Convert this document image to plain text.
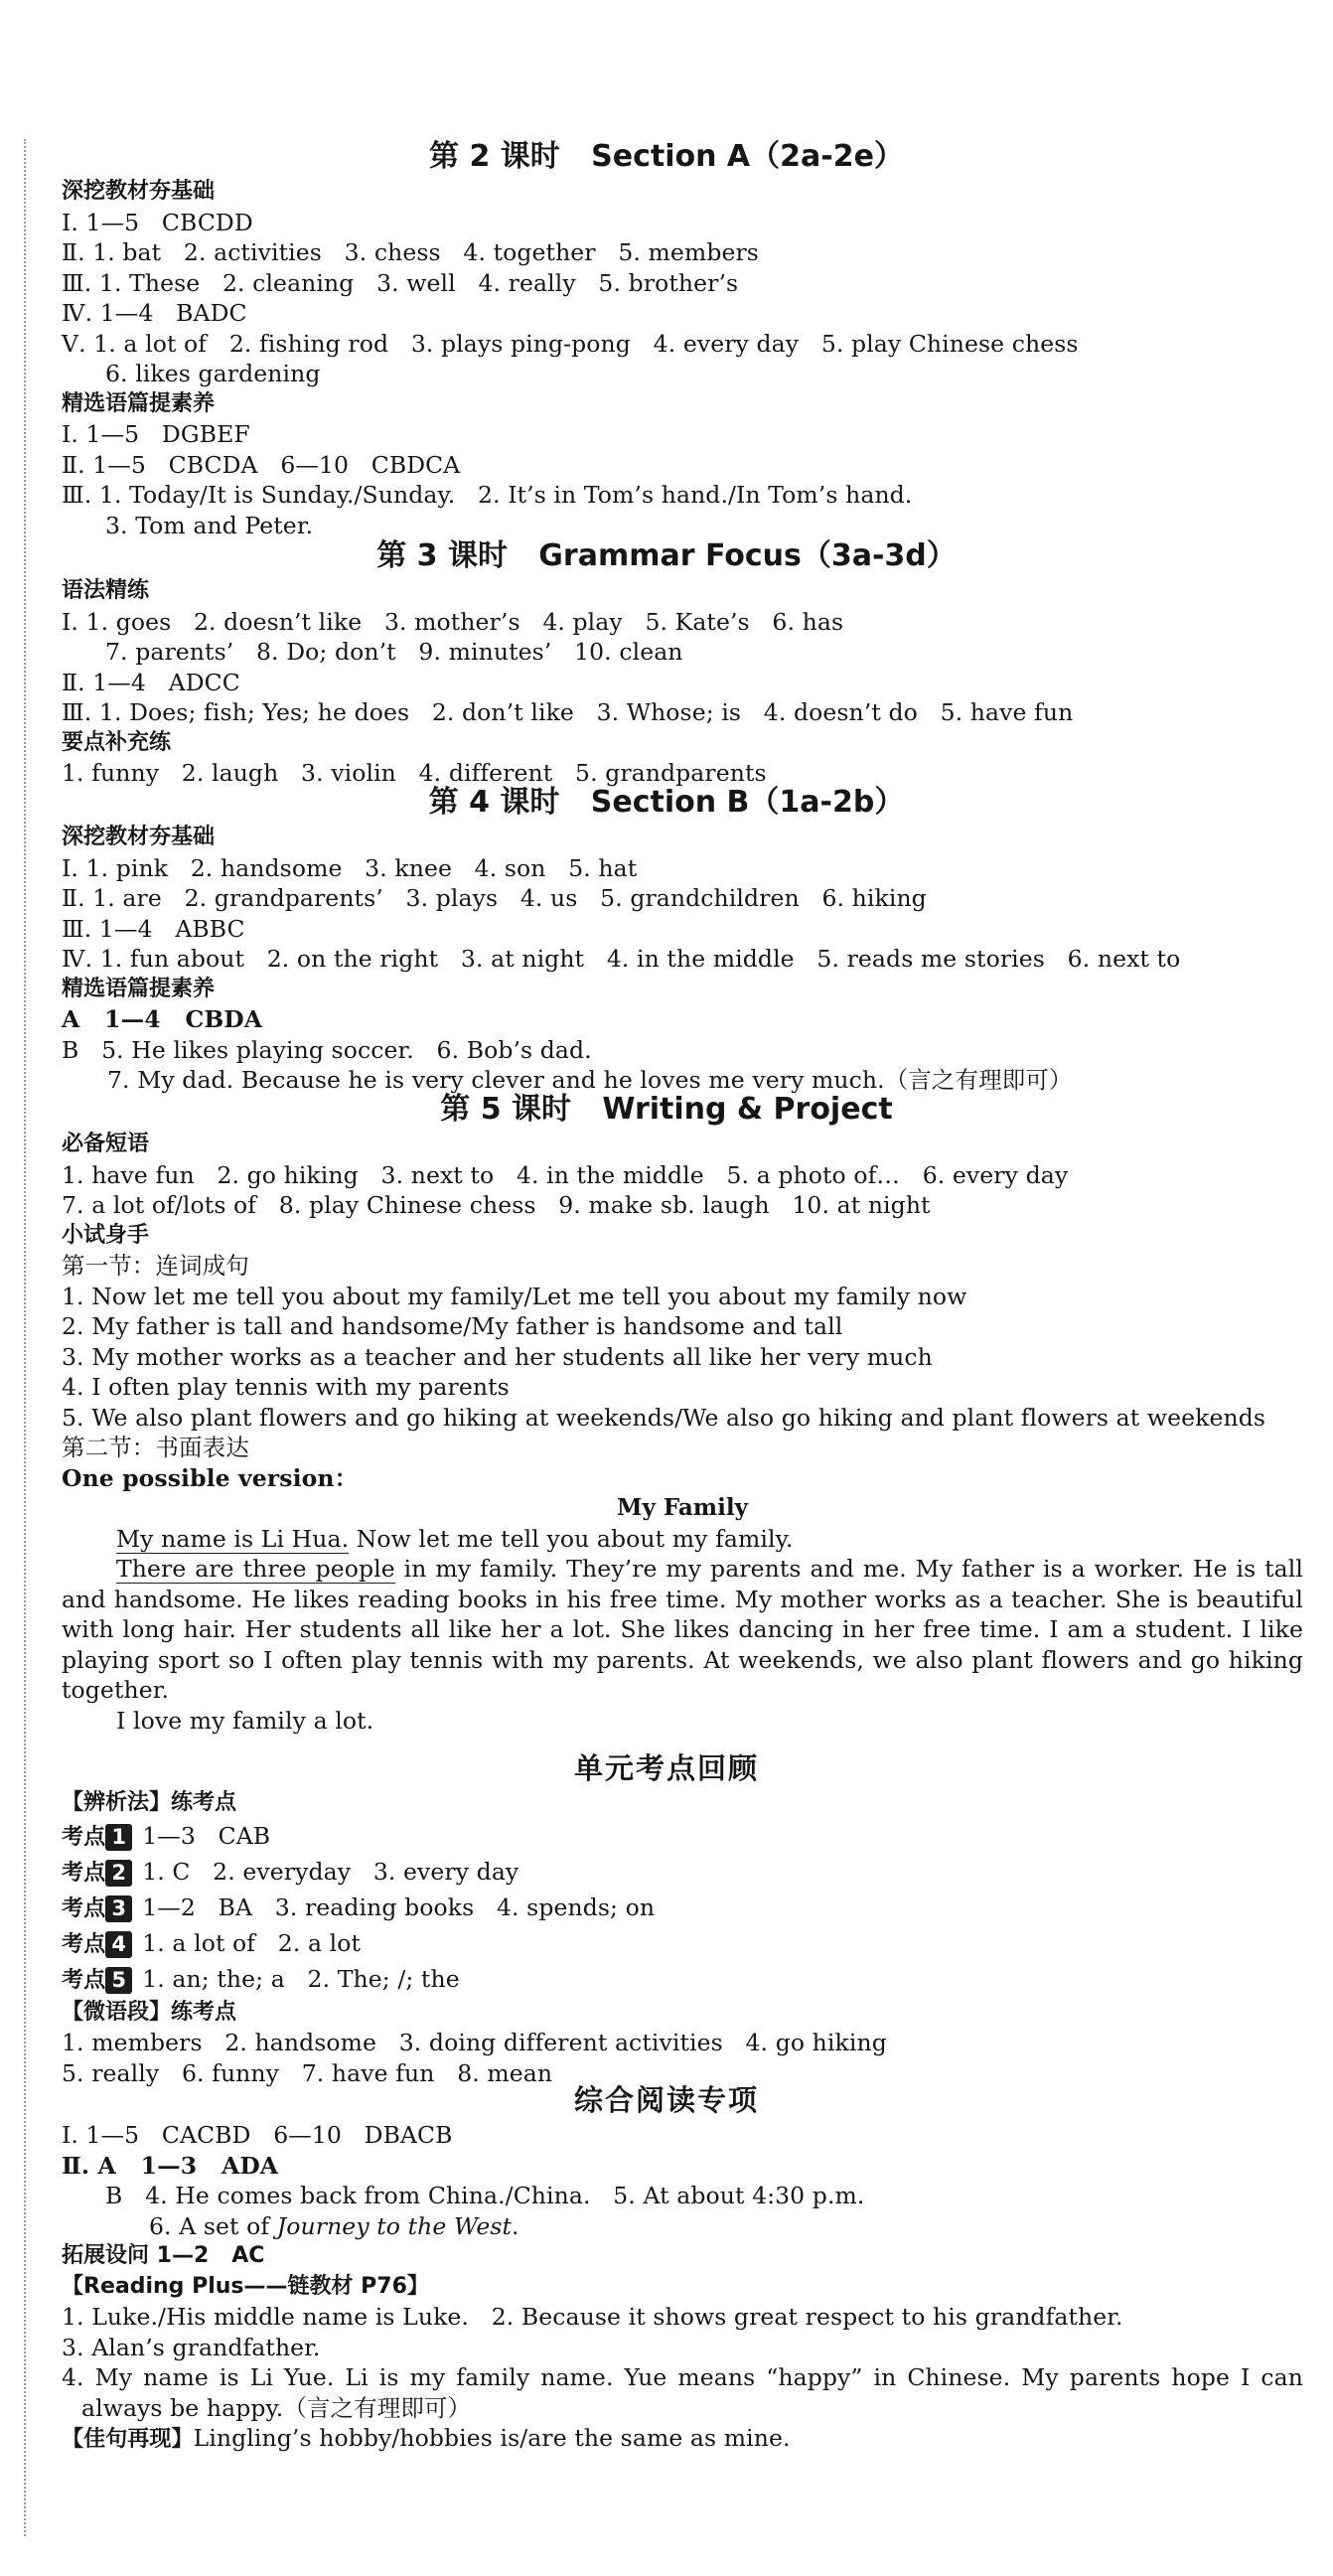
第 2 课时   Section A（2a-2e）
深挖教材夯基础
Ⅰ. 1—5   CBCDD
Ⅱ. 1. bat   2. activities   3. chess   4. together   5. members
Ⅲ. 1. These   2. cleaning   3. well   4. really   5. brother’s
Ⅳ. 1—4   BADC
Ⅴ. 1. a lot of   2. fishing rod   3. plays ping-pong   4. every day   5. play Chinese chess
6. likes gardening
精选语篇提素养
Ⅰ. 1—5   DGBEF
Ⅱ. 1—5   CBCDA   6—10   CBDCA
Ⅲ. 1. Today/It is Sunday./Sunday.   2. It’s in Tom’s hand./In Tom’s hand.
3. Tom and Peter.
第 3 课时   Grammar Focus（3a-3d）
语法精练
Ⅰ. 1. goes   2. doesn’t like   3. mother’s   4. play   5. Kate’s   6. has
7. parents’   8. Do; don’t   9. minutes’   10. clean
Ⅱ. 1—4   ADCC
Ⅲ. 1. Does; fish; Yes; he does   2. don’t like   3. Whose; is   4. doesn’t do   5. have fun
要点补充练
1. funny   2. laugh   3. violin   4. different   5. grandparents
第 4 课时   Section B（1a-2b）
深挖教材夯基础
Ⅰ. 1. pink   2. handsome   3. knee   4. son   5. hat
Ⅱ. 1. are   2. grandparents’   3. plays   4. us   5. grandchildren   6. hiking
Ⅲ. 1—4   ABBC
Ⅳ. 1. fun about   2. on the right   3. at night   4. in the middle   5. reads me stories   6. next to
精选语篇提素养
A   1—4   CBDA
B   5. He likes playing soccer.   6. Bob’s dad.
7. My dad. Because he is very clever and he loves me very much.（言之有理即可）
第 5 课时   Writing & Project
必备短语
1. have fun   2. go hiking   3. next to   4. in the middle   5. a photo of…   6. every day
7. a lot of/lots of   8. play Chinese chess   9. make sb. laugh   10. at night
小试身手
第一节：连词成句
1. Now let me tell you about my family/Let me tell you about my family now
2. My father is tall and handsome/My father is handsome and tall
3. My mother works as a teacher and her students all like her very much
4. I often play tennis with my parents
5. We also plant flowers and go hiking at weekends/We also go hiking and plant flowers at weekends
第二节：书面表达
One possible version：
My Family
My name is Li Hua. Now let me tell you about my family.
There are three people in my family. They’re my parents and me. My father is a worker. He is tall and handsome. He likes reading books in his free time. My mother works as a teacher. She is beautiful with long hair. Her students all like her a lot. She likes dancing in her free time. I am a student. I like playing sport so I often play tennis with my parents. At weekends, we also plant flowers and go hiking together.
I love my family a lot.
单元考点回顾
【辨析法】练考点
考点 1 1—3   CAB
考点 2 1. C   2. everyday   3. every day
考点 3 1—2   BA   3. reading books   4. spends; on
考点 4 1. a lot of   2. a lot
考点 5 1. an; the; a   2. The; /; the
【微语段】练考点
1. members   2. handsome   3. doing different activities   4. go hiking
5. really   6. funny   7. have fun   8. mean
综合阅读专项
Ⅰ. 1—5   CACBD   6—10   DBACB
Ⅱ. A   1—3   ADA
B   4. He comes back from China./China.   5. At about 4:30 p.m.
6. A set of Journey to the West.
拓展设问 1—2   AC
【Reading Plus——链教材 P76】
1. Luke./His middle name is Luke.   2. Because it shows great respect to his grandfather.
3. Alan’s grandfather.
4. My name is Li Yue. Li is my family name. Yue means “happy” in Chinese. My parents hope I can always be happy.（言之有理即可）
【佳句再现】Lingling’s hobby/hobbies is/are the same as mine.
